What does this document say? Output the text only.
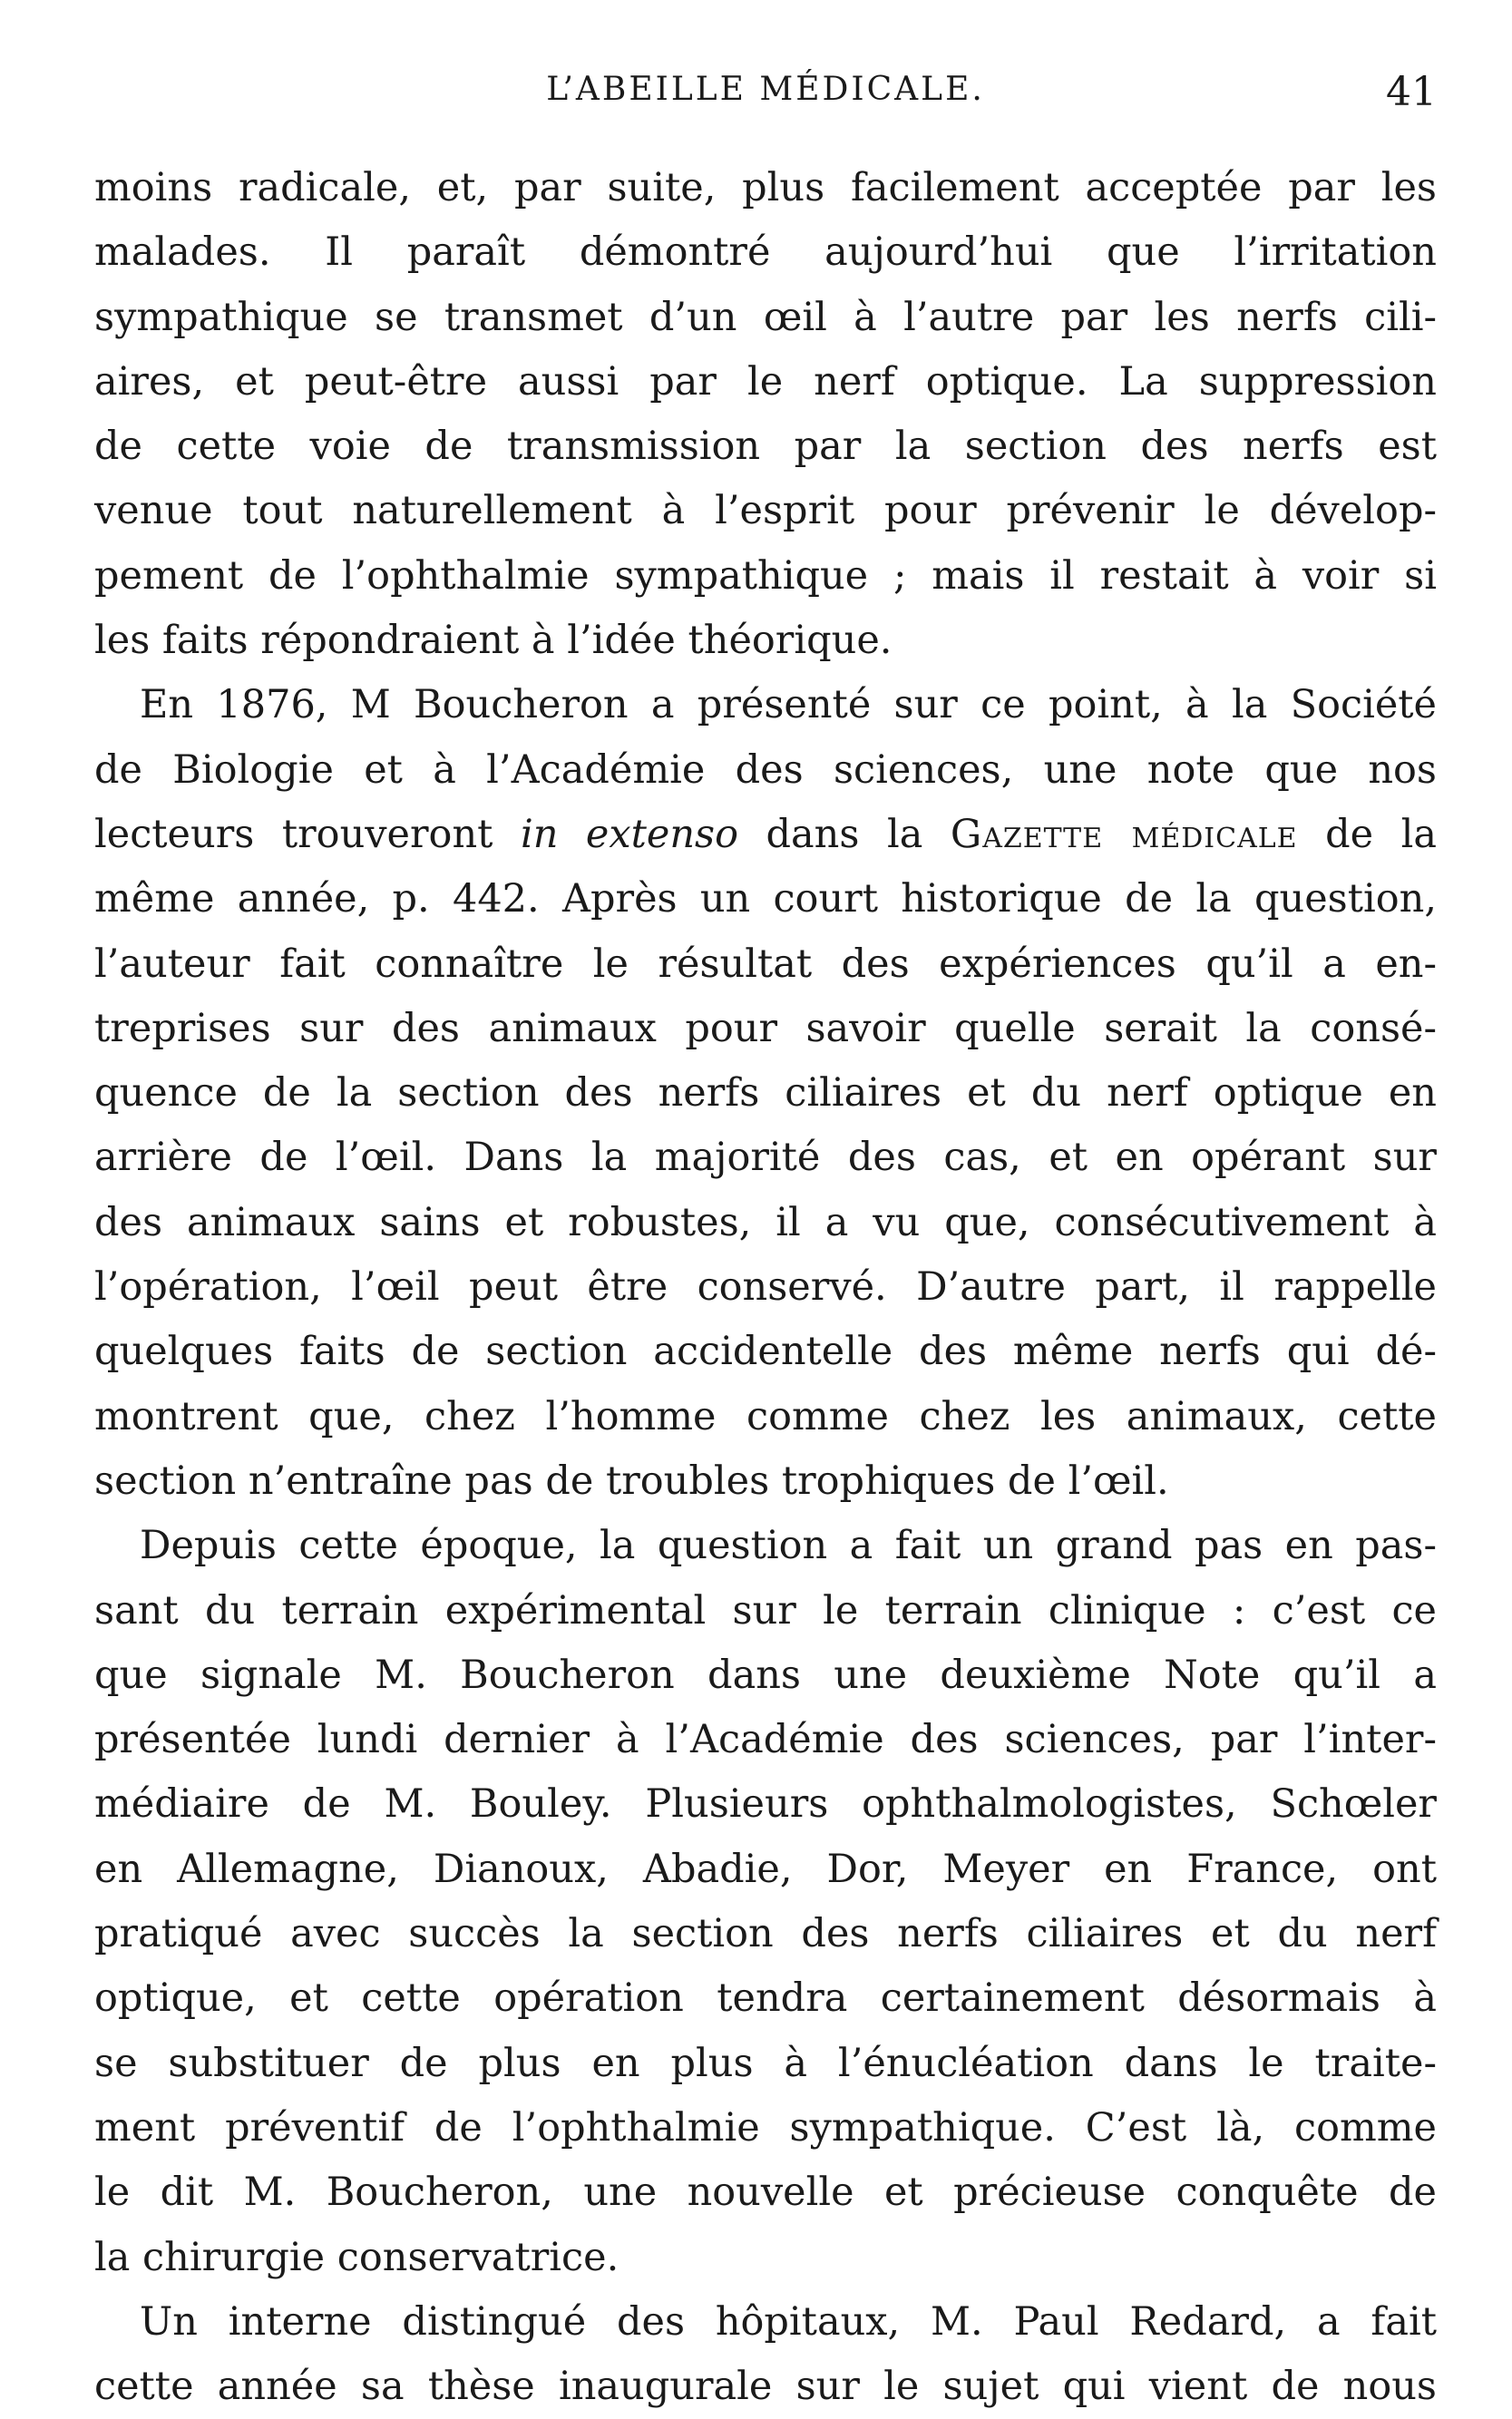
L’ABEILLE MÉDICALE.	41
moins radicale, et, par suite, plus facilement acceptée par les
malades. Il paraît démontré aujourd’hui que l’irritation
sympathique se transmet d’un œil à l’autre par les nerfs cili-
aires, et peut-être aussi par le nerf optique. La suppression
de cette voie de transmission par la section des nerfs est
venue tout naturellement à l’esprit pour prévenir le dévelop-
pement de l’ophthalmie sympathique ; mais il restait à voir si
les faits répondraient à l’idée théorique.
En 1876, M Boucheron a présenté sur ce point, à la Société
de Biologie et à l’Académie des sciences, une note que nos
lecteurs trouveront in extenso dans la Gazette médicale de la
même année, p. 442. Après un court historique de la question,
l’auteur fait connaître le résultat des expériences qu’il a en-
treprises sur des animaux pour savoir quelle serait la consé-
quence de la section des nerfs ciliaires et du nerf optique en
arrière de l’œil. Dans la majorité des cas, et en opérant sur
des animaux sains et robustes, il a vu que, consécutivement à
l’opération, l’œil peut être conservé. D’autre part, il rappelle
quelques faits de section accidentelle des même nerfs qui dé-
montrent que, chez l’homme comme chez les animaux, cette
section n’entraîne pas de troubles trophiques de l’œil.
Depuis cette époque, la question a fait un grand pas en pas-
sant du terrain expérimental sur le terrain clinique : c’est ce
que signale M. Boucheron dans une deuxième Note qu’il a
présentée lundi dernier à l’Académie des sciences, par l’inter-
médiaire de M. Bouley. Plusieurs ophthalmologistes, Schœler
en Allemagne, Dianoux, Abadie, Dor, Meyer en France, ont
pratiqué avec succès la section des nerfs ciliaires et du nerf
optique, et cette opération tendra certainement désormais à
se substituer de plus en plus à l’énucléation dans le traite-
ment préventif de l’ophthalmie sympathique. C’est là, comme
le dit M. Boucheron, une nouvelle et précieuse conquête de
la chirurgie conservatrice.
Un interne distingué des hôpitaux, M. Paul Redard, a fait
cette année sa thèse inaugurale sur le sujet qui vient de nous
